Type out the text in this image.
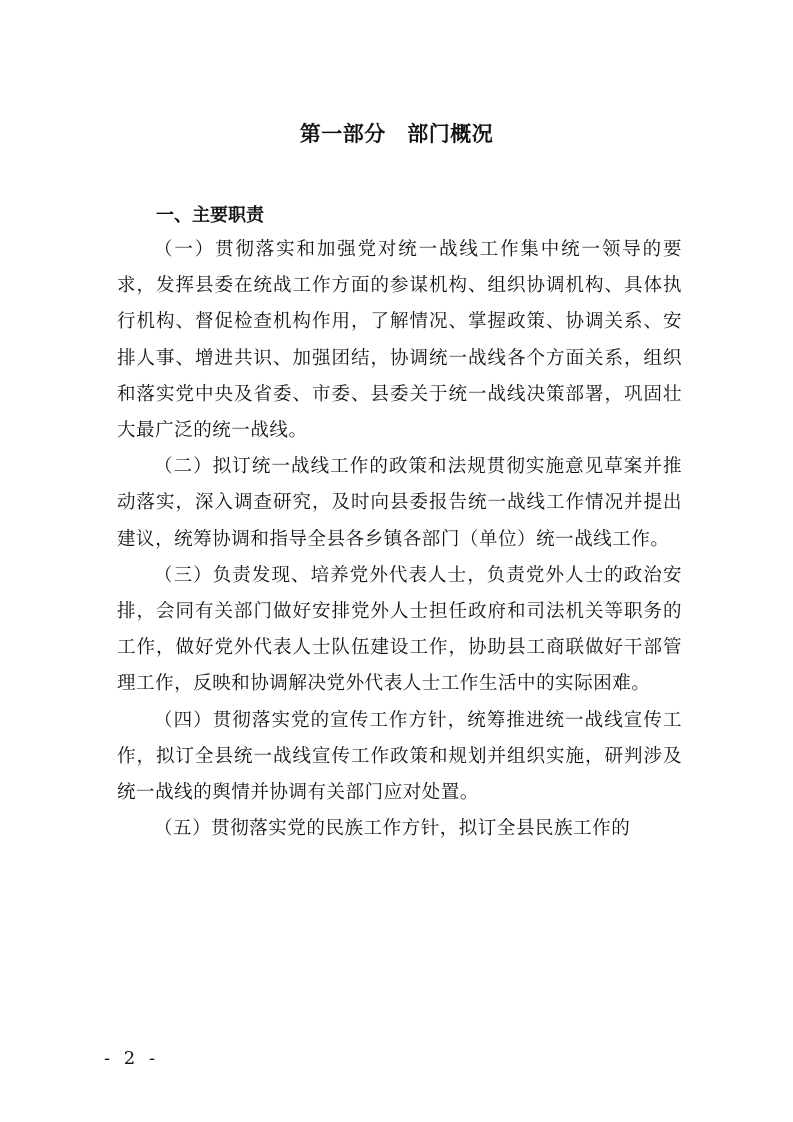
第一部分　部门概况
一、主要职责

（一）贯彻落实和加强党对统一战线工作集中统一领导的要求，发挥县委在统战工作方面的参谋机构、组织协调机构、具体执行机构、督促检查机构作用，了解情况、掌握政策、协调关系、安排人事、增进共识、加强团结，协调统一战线各个方面关系，组织和落实党中央及省委、市委、县委关于统一战线决策部署，巩固壮大最广泛的统一战线。

（二）拟订统一战线工作的政策和法规贯彻实施意见草案并推动落实，深入调查研究，及时向县委报告统一战线工作情况并提出建议，统筹协调和指导全县各乡镇各部门（单位）统一战线工作。

（三）负责发现、培养党外代表人士，负责党外人士的政治安排，会同有关部门做好安排党外人士担任政府和司法机关等职务的工作，做好党外代表人士队伍建设工作，协助县工商联做好干部管理工作，反映和协调解决党外代表人士工作生活中的实际困难。

（四）贯彻落实党的宣传工作方针，统筹推进统一战线宣传工作，拟订全县统一战线宣传工作政策和规划并组织实施，研判涉及统一战线的舆情并协调有关部门应对处置。

（五）贯彻落实党的民族工作方针，拟订全县民族工作的

- 2 -
